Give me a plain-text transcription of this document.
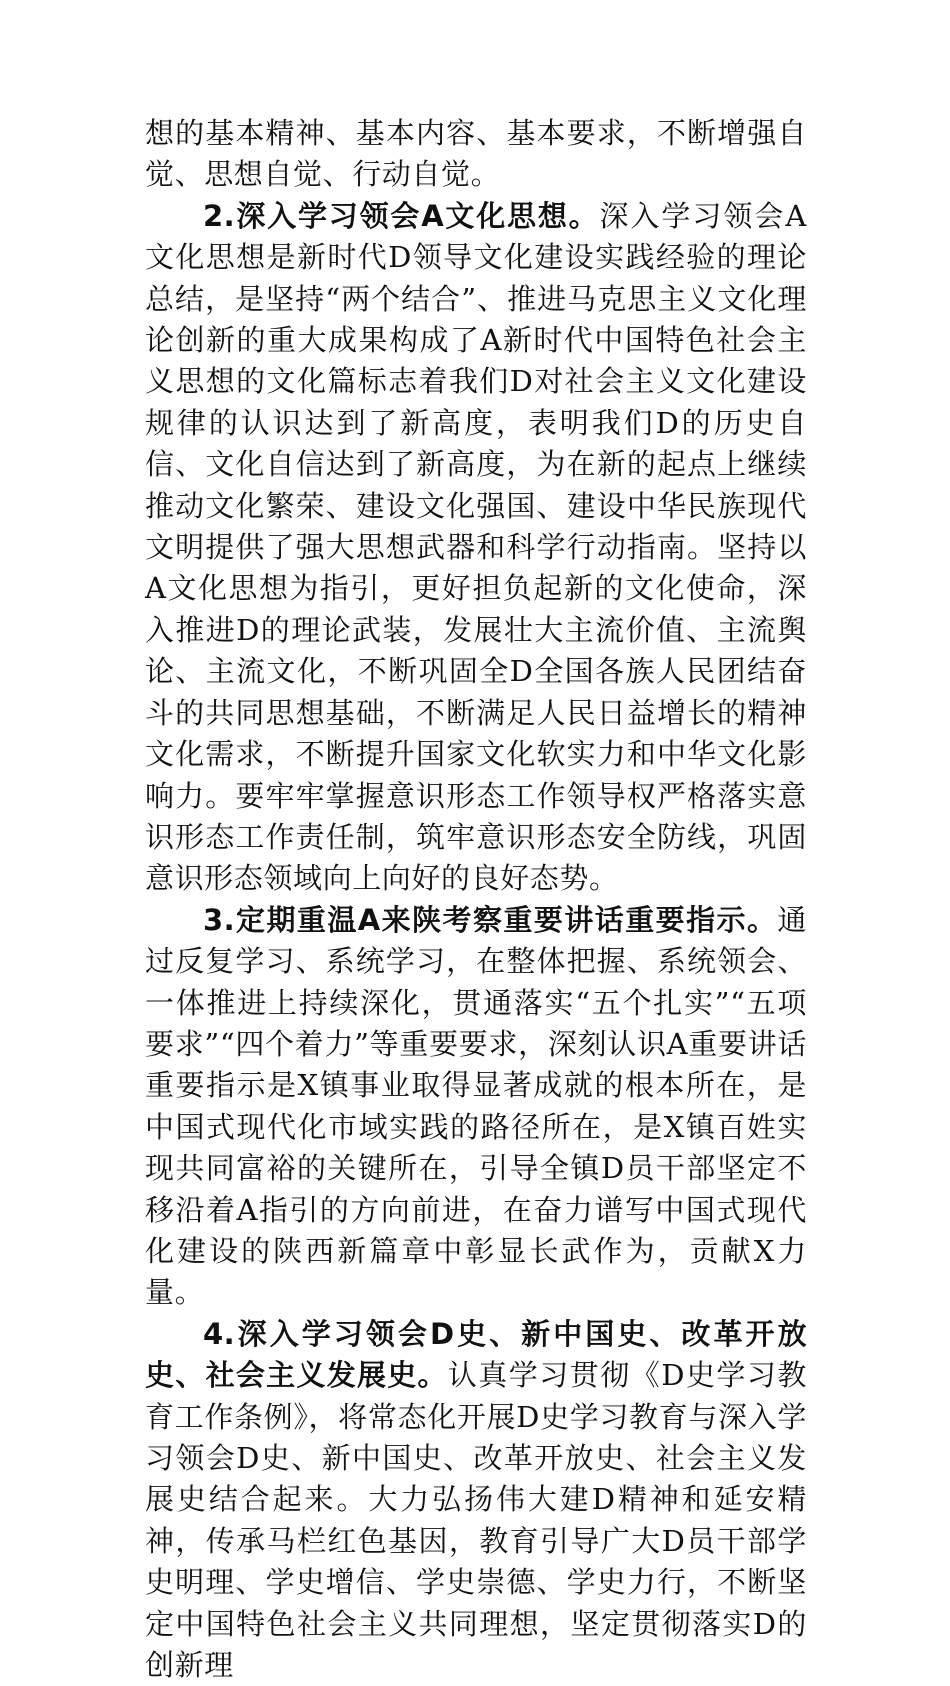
想的基本精神、基本内容、基本要求，不断增强自觉、思想自觉、行动自觉。

2.深入学习领会A文化思想。深入学习领会A文化思想是新时代D领导文化建设实践经验的理论总结，是坚持“两个结合”、推进马克思主义文化理论创新的重大成果构成了A新时代中国特色社会主义思想的文化篇标志着我们D对社会主义文化建设规律的认识达到了新高度，表明我们D的历史自信、文化自信达到了新高度，为在新的起点上继续推动文化繁荣、建设文化强国、建设中华民族现代文明提供了强大思想武器和科学行动指南。坚持以A文化思想为指引，更好担负起新的文化使命，深入推进D的理论武装，发展壮大主流价值、主流舆论、主流文化，不断巩固全D全国各族人民团结奋斗的共同思想基础，不断满足人民日益增长的精神文化需求，不断提升国家文化软实力和中华文化影响力。要牢牢掌握意识形态工作领导权严格落实意识形态工作责任制，筑牢意识形态安全防线，巩固意识形态领域向上向好的良好态势。

3.定期重温A来陕考察重要讲话重要指示。通过反复学习、系统学习，在整体把握、系统领会、一体推进上持续深化，贯通落实“五个扎实”“五项要求”“四个着力”等重要要求，深刻认识A重要讲话重要指示是X镇事业取得显著成就的根本所在，是中国式现代化市域实践的路径所在，是X镇百姓实现共同富裕的关键所在，引导全镇D员干部坚定不移沿着A指引的方向前进，在奋力谱写中国式现代化建设的陕西新篇章中彰显长武作为，贡献X力量。

4.深入学习领会D史、新中国史、改革开放史、社会主义发展史。认真学习贯彻《D史学习教育工作条例》，将常态化开展D史学习教育与深入学习领会D史、新中国史、改革开放史、社会主义发展史结合起来。大力弘扬伟大建D精神和延安精神，传承马栏红色基因，教育引导广大D员干部学史明理、学史增信、学史崇德、学史力行，不断坚定中国特色社会主义共同理想，坚定贯彻落实D的创新理
